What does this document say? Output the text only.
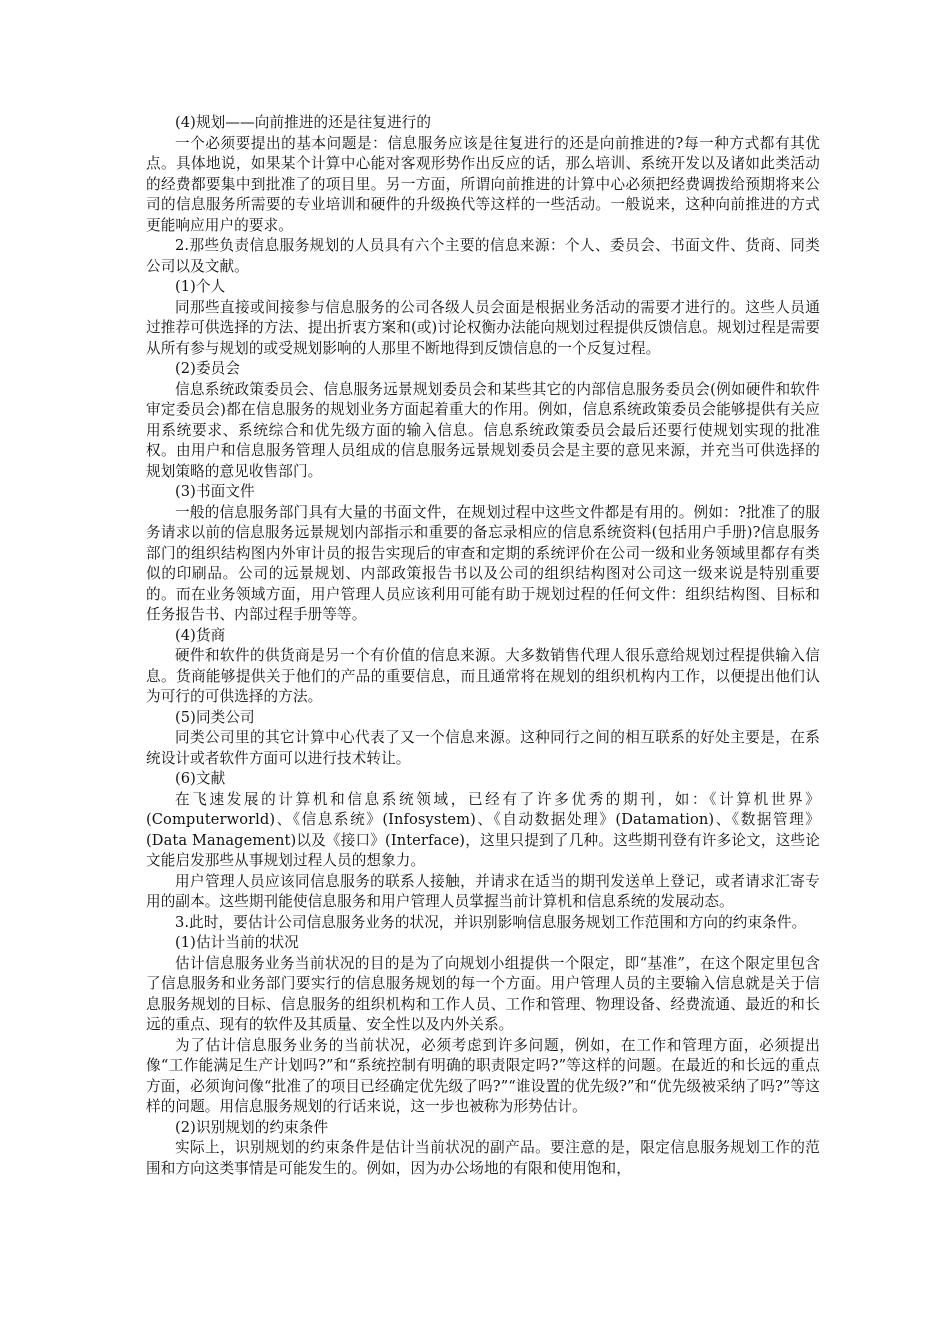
(4)规划——向前推进的还是往复进行的

一个必须要提出的基本问题是：信息服务应该是往复进行的还是向前推进的?每一种方式都有其优点。具体地说，如果某个计算中心能对客观形势作出反应的话，那么培训、系统开发以及诸如此类活动的经费都要集中到批准了的项目里。另一方面，所谓向前推进的计算中心必须把经费调拨给预期将来公司的信息服务所需要的专业培训和硬件的升级换代等这样的一些活动。一般说来，这种向前推进的方式更能响应用户的要求。

2.那些负责信息服务规划的人员具有六个主要的信息来源：个人、委员会、书面文件、货商、同类公司以及文献。

(1)个人

同那些直接或间接参与信息服务的公司各级人员会面是根据业务活动的需要才进行的。这些人员通过推荐可供选择的方法、提出折衷方案和(或)讨论权衡办法能向规划过程提供反馈信息。规划过程是需要从所有参与规划的或受规划影响的人那里不断地得到反馈信息的一个反复过程。

(2)委员会

信息系统政策委员会、信息服务远景规划委员会和某些其它的内部信息服务委员会(例如硬件和软件审定委员会)都在信息服务的规划业务方面起着重大的作用。例如，信息系统政策委员会能够提供有关应用系统要求、系统综合和优先级方面的输入信息。信息系统政策委员会最后还要行使规划实现的批准权。由用户和信息服务管理人员组成的信息服务远景规划委员会是主要的意见来源，并充当可供选择的规划策略的意见收售部门。

(3)书面文件

一般的信息服务部门具有大量的书面文件，在规划过程中这些文件都是有用的。例如：?批准了的服务请求以前的信息服务远景规划内部指示和重要的备忘录相应的信息系统资料(包括用户手册)?信息服务部门的组织结构图内外审计员的报告实现后的审查和定期的系统评价在公司一级和业务领域里都存有类似的印刷品。公司的远景规划、内部政策报告书以及公司的组织结构图对公司这一级来说是特别重要的。而在业务领域方面，用户管理人员应该利用可能有助于规划过程的任何文件：组织结构图、目标和任务报告书、内部过程手册等等。

(4)货商

硬件和软件的供货商是另一个有价值的信息来源。大多数销售代理人很乐意给规划过程提供输入信息。货商能够提供关于他们的产品的重要信息，而且通常将在规划的组织机构内工作，以便提出他们认为可行的可供选择的方法。

(5)同类公司

同类公司里的其它计算中心代表了又一个信息来源。这种同行之间的相互联系的好处主要是，在系统设计或者软件方面可以进行技术转让。

(6)文献

在飞速发展的计算机和信息系统领域，已经有了许多优秀的期刊，如：《计算机世界》(Computerworld)、《信息系统》(Infosystem)、《自动数据处理》(Datamation)、《数据管理》(Data Management)以及《接口》(Interface)，这里只提到了几种。这些期刊登有许多论文，这些论文能启发那些从事规划过程人员的想象力。

用户管理人员应该同信息服务的联系人接触，并请求在适当的期刊发送单上登记，或者请求汇寄专用的副本。这些期刊能使信息服务和用户管理人员掌握当前计算机和信息系统的发展动态。

3.此时，要估计公司信息服务业务的状况，并识别影响信息服务规划工作范围和方向的约束条件。

(1)估计当前的状况

估计信息服务业务当前状况的目的是为了向规划小组提供一个限定，即“基准”，在这个限定里包含了信息服务和业务部门要实行的信息服务规划的每一个方面。用户管理人员的主要输入信息就是关于信息服务规划的目标、信息服务的组织机构和工作人员、工作和管理、物理设备、经费流通、最近的和长远的重点、现有的软件及其质量、安全性以及内外关系。

为了估计信息服务业务的当前状况，必须考虑到许多问题，例如，在工作和管理方面，必须提出像“工作能满足生产计划吗?”和“系统控制有明确的职责限定吗?”等这样的问题。在最近的和长远的重点方面，必须询问像“批准了的项目已经确定优先级了吗?”“谁设置的优先级?”和“优先级被采纳了吗?”等这样的问题。用信息服务规划的行话来说，这一步也被称为形势估计。

(2)识别规划的约束条件

实际上，识别规划的约束条件是估计当前状况的副产品。要注意的是，限定信息服务规划工作的范围和方向这类事情是可能发生的。例如，因为办公场地的有限和使用饱和，
